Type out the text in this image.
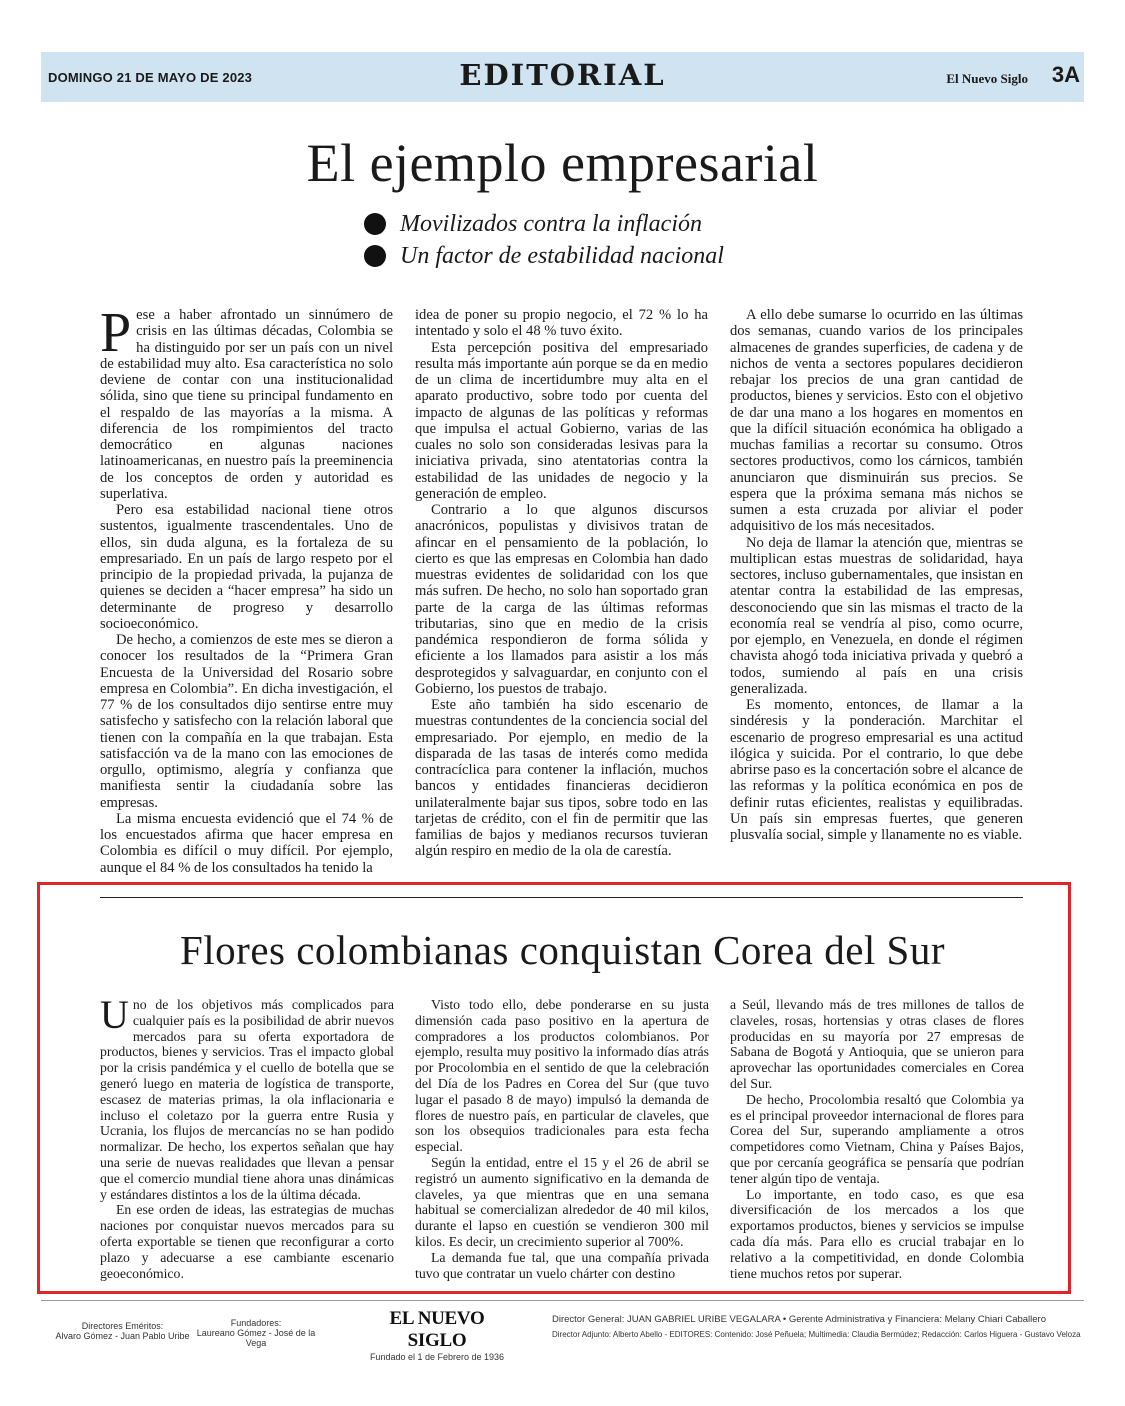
DOMINGO 21 DE MAYO DE 2023	EDITORIAL	El Nuevo Siglo 3A
El ejemplo empresarial
Movilizados contra la inflación
Un factor de estabilidad nacional

Pese a haber afrontado un sinnúmero de crisis en las últimas décadas, Colombia se ha distinguido por ser un país con un nivel de estabilidad muy alto. Esa característica no solo deviene de contar con una institucionalidad sólida, sino que tiene su principal fundamento en el respaldo de las mayorías a la misma. A diferencia de los rompimientos del tracto democrático en algunas naciones latinoamericanas, en nuestro país la preeminencia de los conceptos de orden y autoridad es superlativa.

Pero esa estabilidad nacional tiene otros sustentos, igualmente trascendentales. Uno de ellos, sin duda alguna, es la fortaleza de su empresariado. En un país de largo respeto por el principio de la propiedad privada, la pujanza de quienes se deciden a “hacer empresa” ha sido un determinante de progreso y desarrollo socioeconómico.

De hecho, a comienzos de este mes se dieron a conocer los resultados de la “Primera Gran Encuesta de la Universidad del Rosario sobre empresa en Colombia”. En dicha investigación, el 77 % de los consultados dijo sentirse entre muy satisfecho y satisfecho con la relación laboral que tienen con la compañía en la que trabajan. Esta satisfacción va de la mano con las emociones de orgullo, optimismo, alegría y confianza que manifiesta sentir la ciudadanía sobre las empresas.

La misma encuesta evidenció que el 74 % de los encuestados afirma que hacer empresa en Colombia es difícil o muy difícil. Por ejemplo, aunque el 84 % de los consultados ha tenido la

idea de poner su propio negocio, el 72 % lo ha intentado y solo el 48 % tuvo éxito.

Esta percepción positiva del empresariado resulta más importante aún porque se da en medio de un clima de incertidumbre muy alta en el aparato productivo, sobre todo por cuenta del impacto de algunas de las políticas y reformas que impulsa el actual Gobierno, varias de las cuales no solo son consideradas lesivas para la iniciativa privada, sino atentatorias contra la estabilidad de las unidades de negocio y la generación de empleo.

Contrario a lo que algunos discursos anacrónicos, populistas y divisivos tratan de afincar en el pensamiento de la población, lo cierto es que las empresas en Colombia han dado muestras evidentes de solidaridad con los que más sufren. De hecho, no solo han soportado gran parte de la carga de las últimas reformas tributarias, sino que en medio de la crisis pandémica respondieron de forma sólida y eficiente a los llamados para asistir a los más desprotegidos y salvaguardar, en conjunto con el Gobierno, los puestos de trabajo.

Este año también ha sido escenario de muestras contundentes de la conciencia social del empresariado. Por ejemplo, en medio de la disparada de las tasas de interés como medida contracíclica para contener la inflación, muchos bancos y entidades financieras decidieron unilateralmente bajar sus tipos, sobre todo en las tarjetas de crédito, con el fin de permitir que las familias de bajos y medianos recursos tuvieran algún respiro en medio de la ola de carestía.

A ello debe sumarse lo ocurrido en las últimas dos semanas, cuando varios de los principales almacenes de grandes superficies, de cadena y de nichos de venta a sectores populares decidieron rebajar los precios de una gran cantidad de productos, bienes y servicios. Esto con el objetivo de dar una mano a los hogares en momentos en que la difícil situación económica ha obligado a muchas familias a recortar su consumo. Otros sectores productivos, como los cárnicos, también anunciaron que disminuirán sus precios. Se espera que la próxima semana más nichos se sumen a esta cruzada por aliviar el poder adquisitivo de los más necesitados.

No deja de llamar la atención que, mientras se multiplican estas muestras de solidaridad, haya sectores, incluso gubernamentales, que insistan en atentar contra la estabilidad de las empresas, desconociendo que sin las mismas el tracto de la economía real se vendría al piso, como ocurre, por ejemplo, en Venezuela, en donde el régimen chavista ahogó toda iniciativa privada y quebró a todos, sumiendo al país en una crisis generalizada.

Es momento, entonces, de llamar a la sindéresis y la ponderación. Marchitar el escenario de progreso empresarial es una actitud ilógica y suicida. Por el contrario, lo que debe abrirse paso es la concertación sobre el alcance de las reformas y la política económica en pos de definir rutas eficientes, realistas y equilibradas. Un país sin empresas fuertes, que generen plusvalía social, simple y llanamente no es viable.

Flores colombianas conquistan Corea del Sur

Uno de los objetivos más complicados para cualquier país es la posibilidad de abrir nuevos mercados para su oferta exportadora de productos, bienes y servicios. Tras el impacto global por la crisis pandémica y el cuello de botella que se generó luego en materia de logística de transporte, escasez de materias primas, la ola inflacionaria e incluso el coletazo por la guerra entre Rusia y Ucrania, los flujos de mercancías no se han podido normalizar. De hecho, los expertos señalan que hay una serie de nuevas realidades que llevan a pensar que el comercio mundial tiene ahora unas dinámicas y estándares distintos a los de la última década.

En ese orden de ideas, las estrategias de muchas naciones por conquistar nuevos mercados para su oferta exportable se tienen que reconfigurar a corto plazo y adecuarse a ese cambiante escenario geoeconómico.

Visto todo ello, debe ponderarse en su justa dimensión cada paso positivo en la apertura de compradores a los productos colombianos. Por ejemplo, resulta muy positivo la informado días atrás por Procolombia en el sentido de que la celebración del Día de los Padres en Corea del Sur (que tuvo lugar el pasado 8 de mayo) impulsó la demanda de flores de nuestro país, en particular de claveles, que son los obsequios tradicionales para esta fecha especial.

Según la entidad, entre el 15 y el 26 de abril se registró un aumento significativo en la demanda de claveles, ya que mientras que en una semana habitual se comercializan alrededor de 40 mil kilos, durante el lapso en cuestión se vendieron 300 mil kilos. Es decir, un crecimiento superior al 700%.

La demanda fue tal, que una compañía privada tuvo que contratar un vuelo chárter con destino

a Seúl, llevando más de tres millones de tallos de claveles, rosas, hortensias y otras clases de flores producidas en su mayoría por 27 empresas de Sabana de Bogotá y Antioquia, que se unieron para aprovechar las oportunidades comerciales en Corea del Sur.

De hecho, Procolombia resaltó que Colombia ya es el principal proveedor internacional de flores para Corea del Sur, superando ampliamente a otros competidores como Vietnam, China y Países Bajos, que por cercanía geográfica se pensaría que podrían tener algún tipo de ventaja.

Lo importante, en todo caso, es que esa diversificación de los mercados a los que exportamos productos, bienes y servicios se impulse cada día más. Para ello es crucial trabajar en lo relativo a la competitividad, en donde Colombia tiene muchos retos por superar.

Directores Eméritos:
Alvaro Gómez - Juan Pablo Uribe
Fundadores:
Laureano Gómez - José de la Vega
EL NUEVO SIGLO
Fundado el 1 de Febrero de 1936
Director General: JUAN GABRIEL URIBE VEGALARA • Gerente Administrativa y Financiera: Melany Chiari Caballero
Director Adjunto: Alberto Abello - EDITORES: Contenido: José Peñuela; Multimedia: Claudia Bermúdez; Redacción: Carlos Higuera - Gustavo Veloza
